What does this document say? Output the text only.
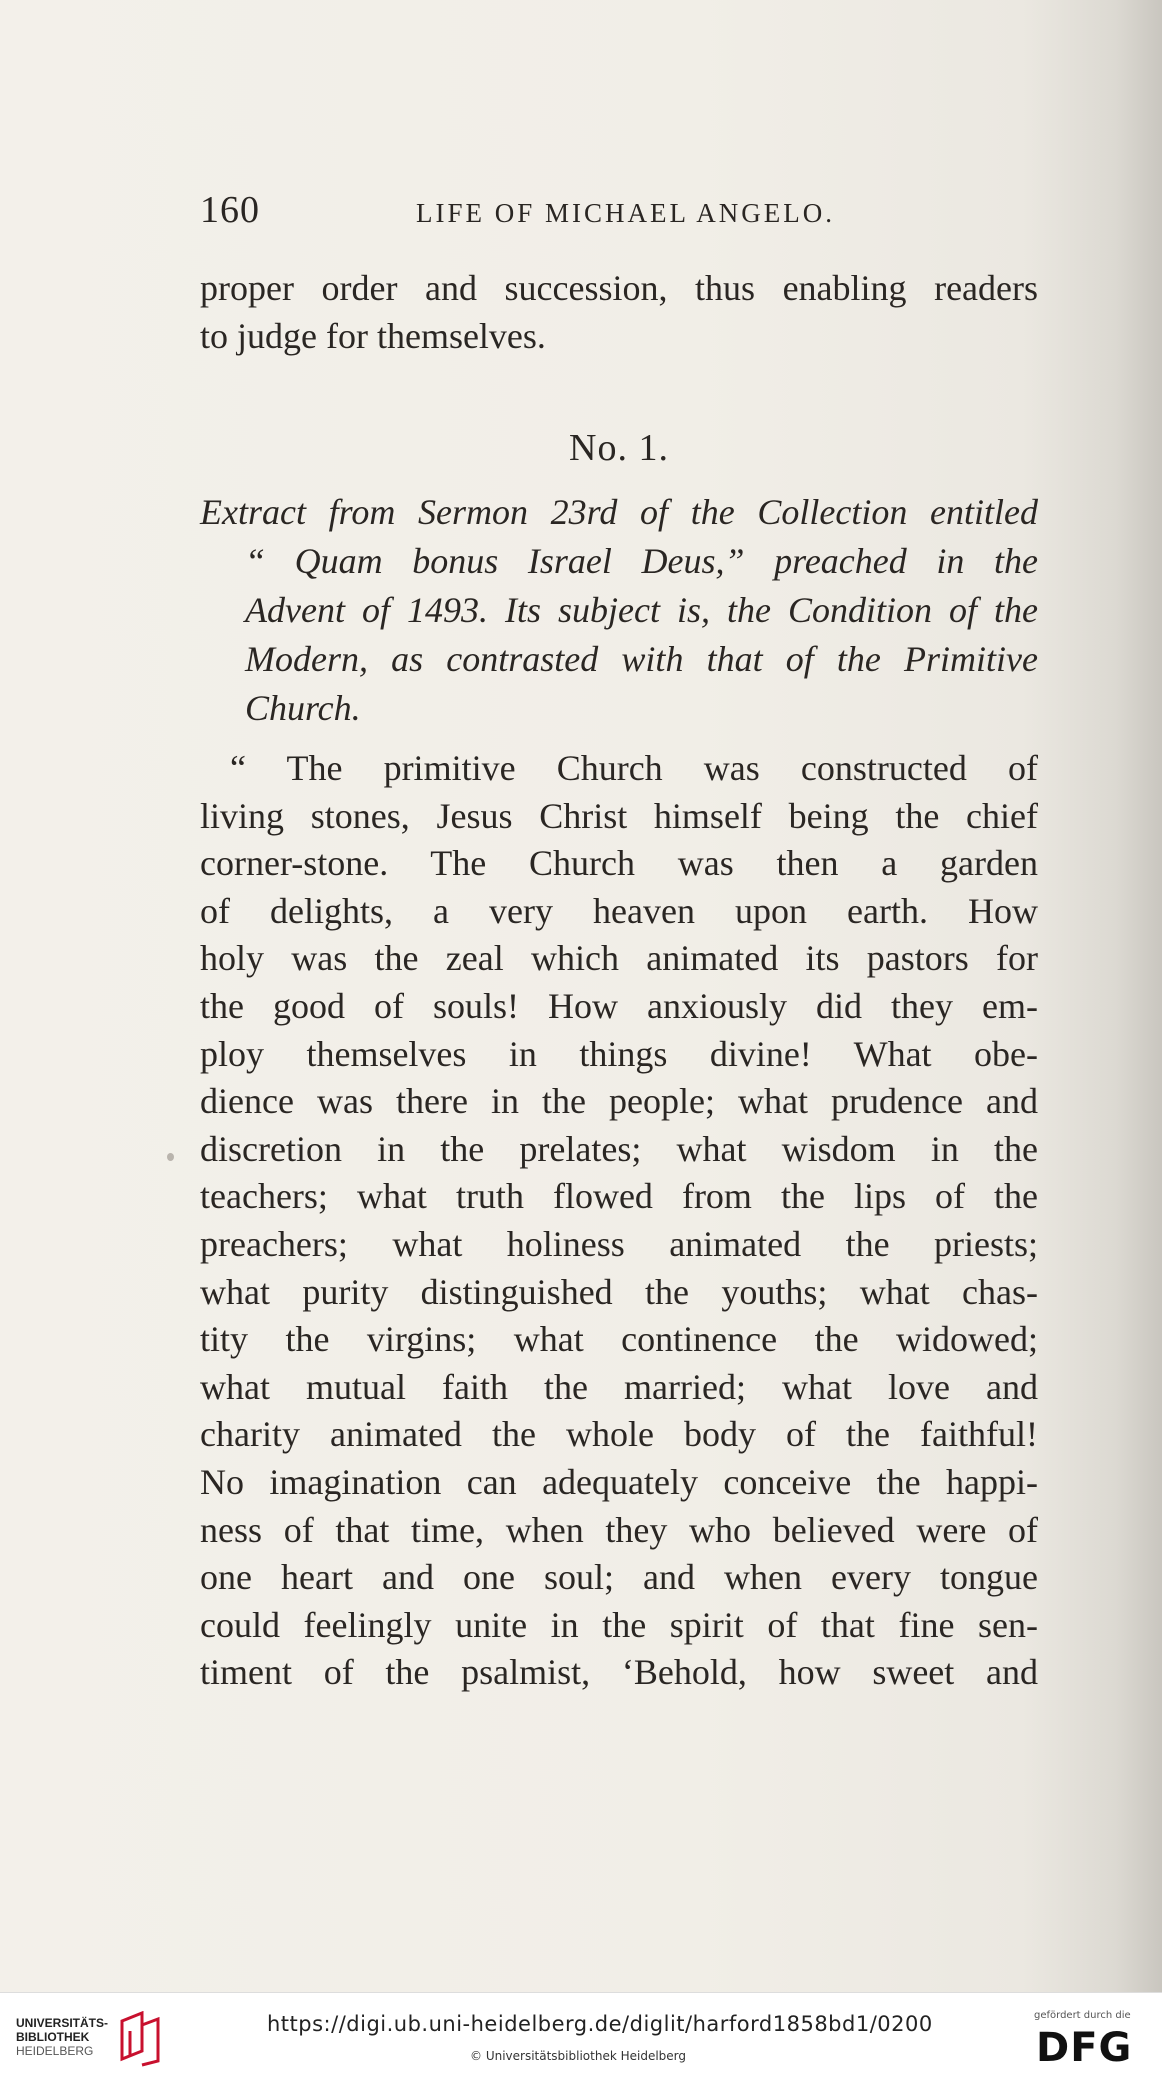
160	LIFE OF MICHAEL ANGELO.
proper order and succession, thus enabling readers
to judge for themselves.
No. 1.
Extract from Sermon 23rd of the Collection entitled
“ Quam bonus Israel Deus,” preached in the
Advent of 1493. Its subject is, the Condition of the
Modern, as contrasted with that of the Primitive
Church.
“ The primitive Church was constructed of
living stones, Jesus Christ himself being the chief
corner-stone. The Church was then a garden
of delights, a very heaven upon earth. How
holy was the zeal which animated its pastors for
the good of souls! How anxiously did they em-
ploy themselves in things divine! What obe-
dience was there in the people; what prudence and
discretion in the prelates; what wisdom in the
teachers; what truth flowed from the lips of the
preachers; what holiness animated the priests;
what purity distinguished the youths; what chas-
tity the virgins; what continence the widowed;
what mutual faith the married; what love and
charity animated the whole body of the faithful!
No imagination can adequately conceive the happi-
ness of that time, when they who believed were of
one heart and one soul; and when every tongue
could feelingly unite in the spirit of that fine sen-
timent of the psalmist, ‘Behold, how sweet and
UNIVERSITÄTS-
BIBLIOTHEK
HEIDELBERG
https://digi.ub.uni-heidelberg.de/diglit/harford1858bd1/0200
© Universitätsbibliothek Heidelberg
gefördert durch die
DFG
